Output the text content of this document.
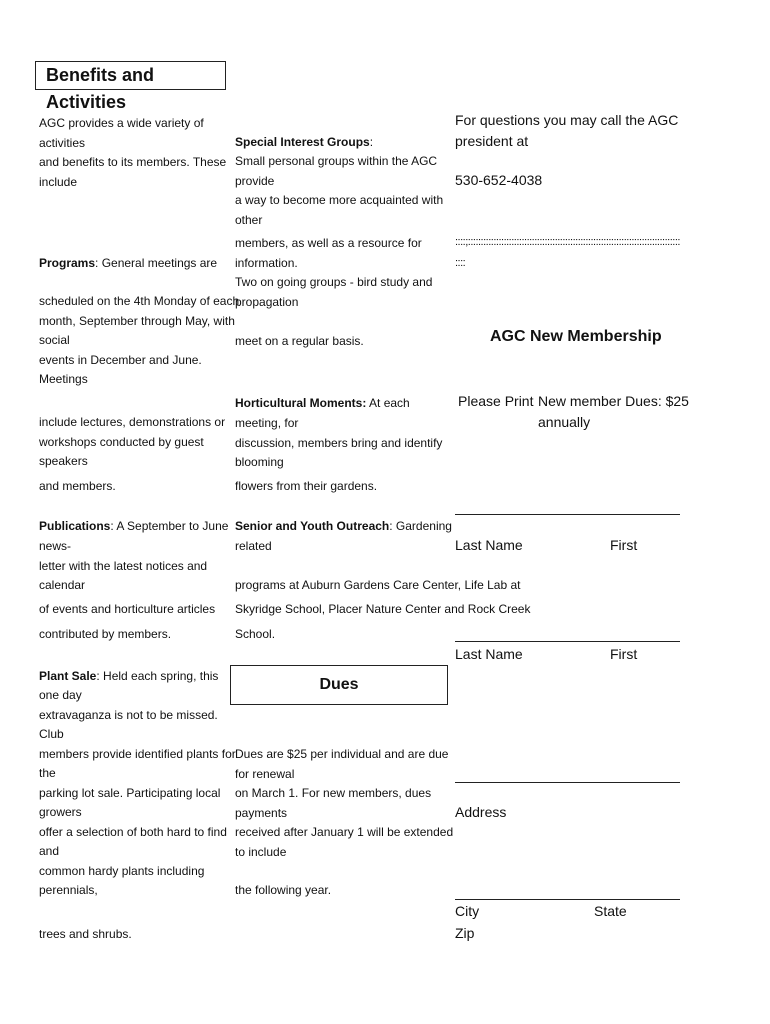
Benefits and Activities
AGC provides a wide variety of
activities
and benefits to its members. These
include
Programs: General meetings are
scheduled on the 4th Monday of each
month, September through May, with
social
events in December and June.
Meetings
include lectures, demonstrations or
workshops conducted by guest
speakers
and members.
Publications: A September to June
news-
letter with the latest notices and
calendar
of events and horticulture articles
contributed by members.
Plant Sale: Held each spring, this
one day
extravaganza is not to be missed.
Club
members provide identified plants for
the
parking lot sale. Participating local
growers
offer a selection of both hard to find
and
common hardy plants including
perennials,
trees and shrubs.
Special Interest Groups:
Small personal groups within the AGC
provide
a way to become more acquainted with
other
members, as well as a resource for
information.
Two on going groups - bird study and
propagation
meet on a regular basis.
Horticultural Moments: At each
meeting, for
discussion, members bring and identify
blooming
flowers from their gardens.
Senior and Youth Outreach: Gardening
related
programs at Auburn Gardens Care Center, Life Lab at
Skyridge School, Placer Nature Center and Rock Creek
School.
Dues
Dues are $25 per individual and are due
for renewal
on March 1. For new members, dues
payments
received after January 1 will be extended
to include
the following year.
For questions you may call the AGC
president at
530-652-4038
::::;:::::::::::::::::::::::::::::::::::::::::::::::::::::::::::::::::::::::::::::::::::
::::
AGC New Membership
Please Print New member Dues: $25
annually
Last Name	First
Last Name	First
Address
City	State
Zip
